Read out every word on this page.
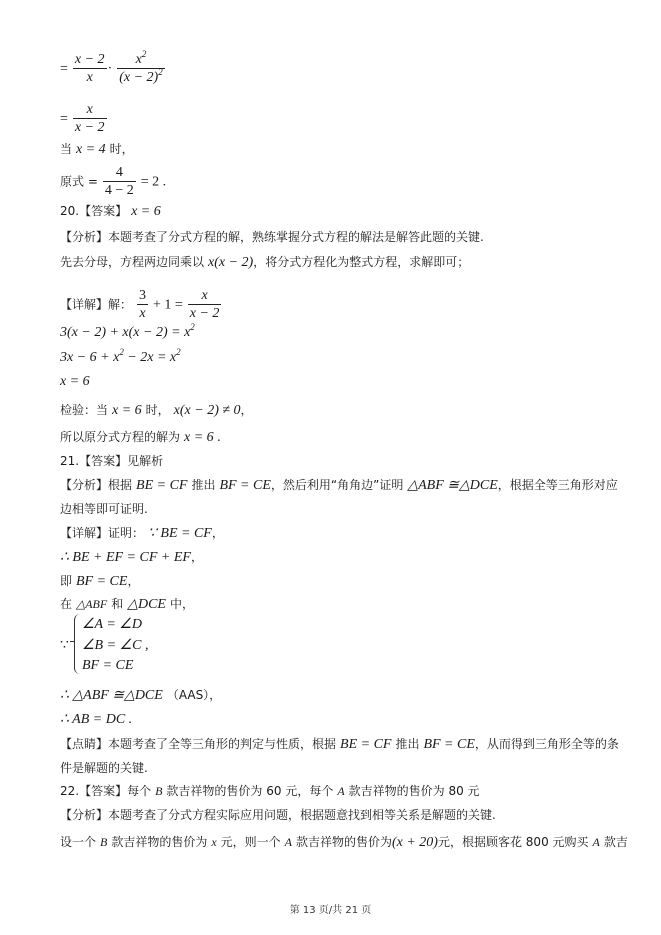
= $\frac{x - 2}{x} \cdot \frac{x^2}{(x - 2)^2}$
= $\frac{x}{x - 2}$
当 x = 4 时，
原式 = $\frac{4}{4 - 2} = 2$ .
20.【答案】 x = 6
【分析】本题考查了分式方程的解，熟练掌握分式方程的解法是解答此题的关键.
先去分母，方程两边同乘以 x(x − 2)，将分式方程化为整式方程，求解即可；
【详解】解： $\frac{3}{x} + 1 = \frac{x}{x - 2}$
$3(x - 2) + x(x - 2) = x^2$
$3x - 6 + x^2 - 2x = x^2$
x = 6
检验：当 x = 6 时， x(x − 2) ≠ 0，
所以原分式方程的解为 x = 6 .
21.【答案】见解析
【分析】根据 BE = CF 推出 BF = CE，然后利用“角角边”证明 △ABF ≅△DCE，根据全等三角形对应
边相等即可证明.
【详解】证明： ∵ BE = CF，
∴ BE + EF = CF + EF，
即 BF = CE，
在 △ABF 和 △DCE 中，
∵
∠A = ∠D
∠B = ∠C ,
BF = CE
∴ △ABF ≅△DCE （AAS），
∴ AB = DC .
【点睛】本题考查了全等三角形的判定与性质，根据 BE = CF 推出 BF = CE，从而得到三角形全等的条
件是解题的关键.
22.【答案】每个 B 款吉祥物的售价为 60 元，每个 A 款吉祥物的售价为 80 元
【分析】本题考查了分式方程实际应用问题，根据题意找到相等关系是解题的关键.
设一个 B 款吉祥物的售价为 x 元，则一个 A 款吉祥物的售价为(x + 20)元，根据顾客花 800 元购买 A 款吉
第 13 页/共 21 页
